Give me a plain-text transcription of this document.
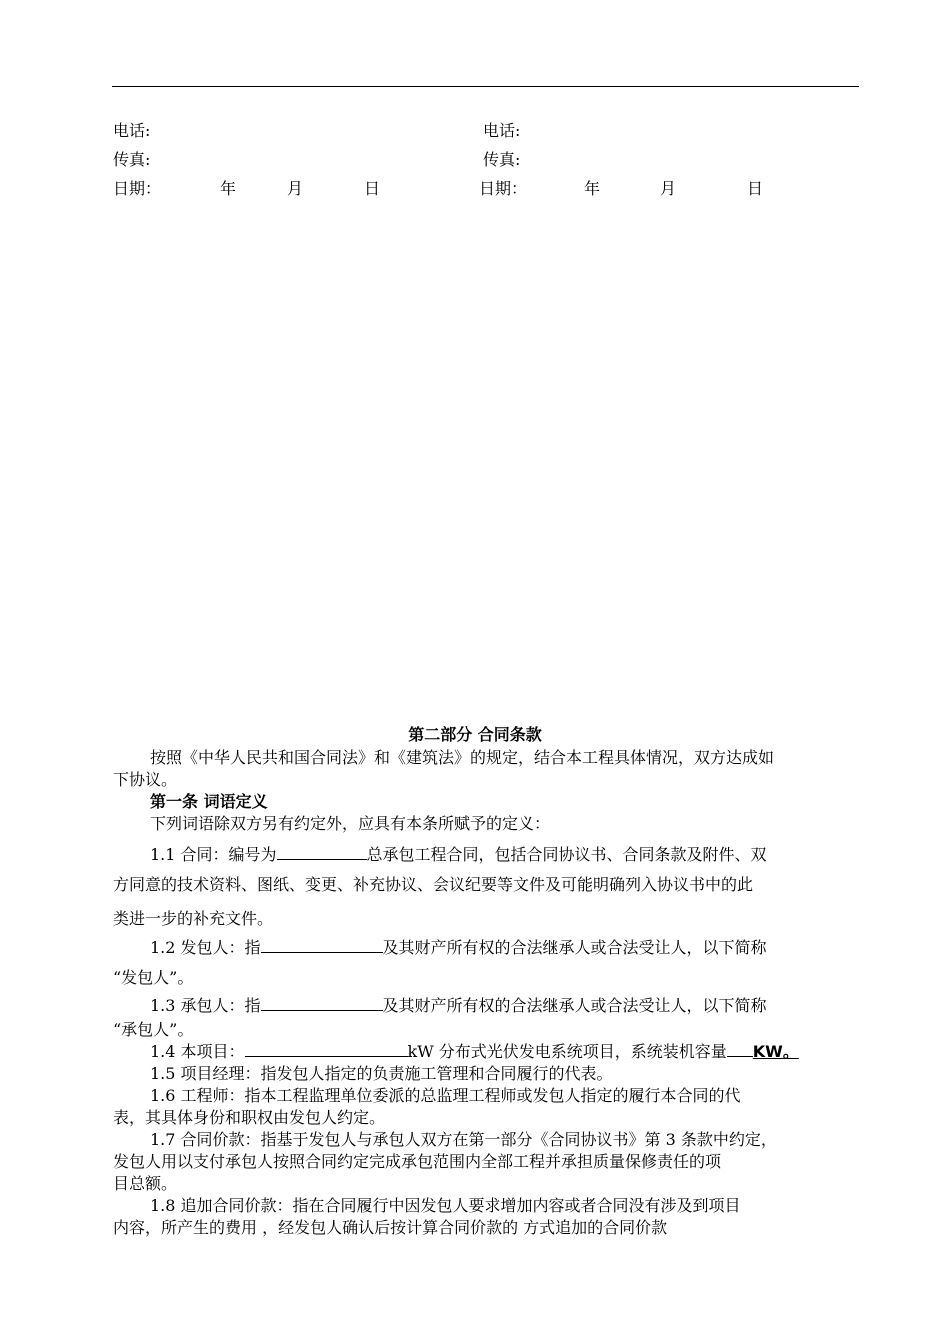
电话:
传真:
日期：	年	月	日
电话:
传真:
日期：	年	月	日
第二部分 合同条款
按照《中华人民共和国合同法》和《建筑法》的规定，结合本工程具体情况，双方达成如
下协议。
第一条 词语定义
下列词语除双方另有约定外，应具有本条所赋予的定义：
1.1 合同：编号为	总承包工程合同，包括合同协议书、合同条款及附件、双
方同意的技术资料、图纸、变更、补充协议、会议纪要等文件及可能明确列入协议书中的此
类进一步的补充文件。
1.2 发包人：指	及其财产所有权的合法继承人或合法受让人，以下简称
“发包人”。
1.3 承包人：指	及其财产所有权的合法继承人或合法受让人，以下简称
“承包人”。
1.4 本项目：	kW 分布式光伏发电系统项目，系统装机容量 KW。
1.5 项目经理：指发包人指定的负责施工管理和合同履行的代表。
1.6 工程师：指本工程监理单位委派的总监理工程师或发包人指定的履行本合同的代
表，其具体身份和职权由发包人约定。
1.7 合同价款：指基于发包人与承包人双方在第一部分《合同协议书》第 3 条款中约定，
发包人用以支付承包人按照合同约定完成承包范围内全部工程并承担质量保修责任的项
目总额。
1.8 追加合同价款：指在合同履行中因发包人要求增加内容或者合同没有涉及到项目
内容，所产生的费用 ，经发包人确认后按计算合同价款的 方式追加的合同价款
